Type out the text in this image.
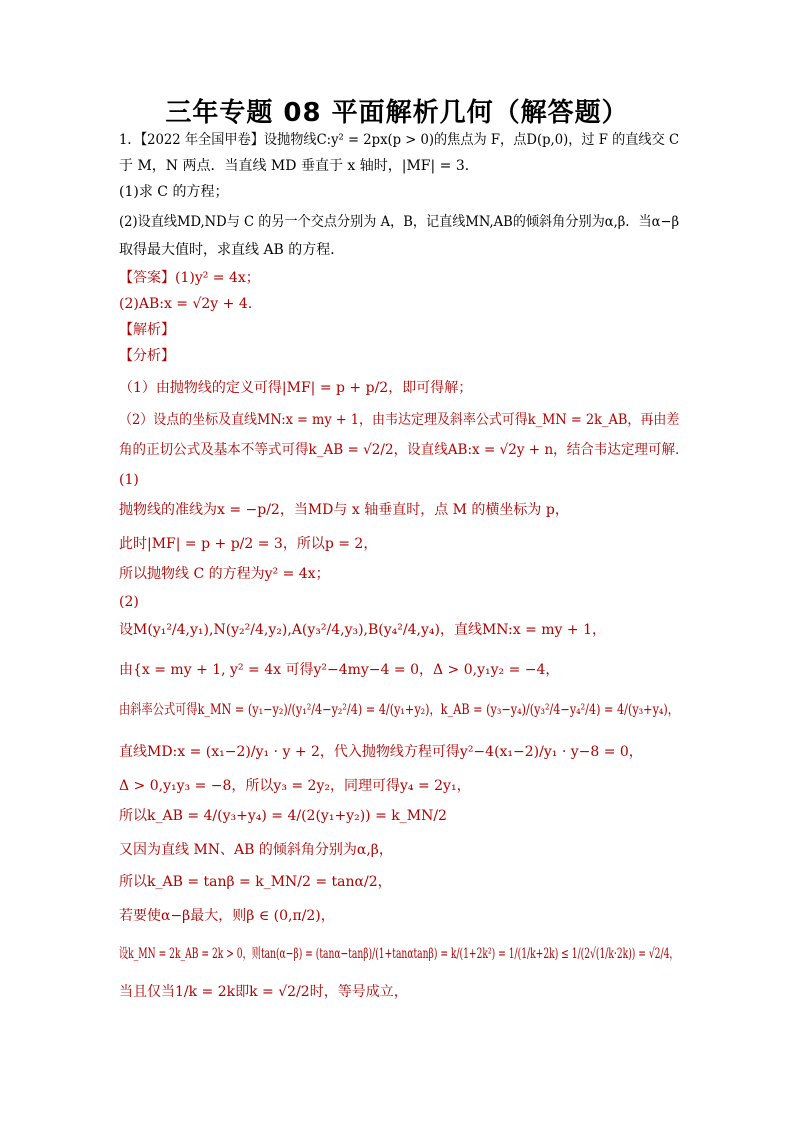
三年专题 08 平面解析几何（解答题）
1．【2022 年全国甲卷】设抛物线C:y² = 2px(p > 0)的焦点为 F，点D(p,0)，过 F 的直线交 C
于 M，N 两点．当直线 MD 垂直于 x 轴时，|MF| = 3．
(1)求 C 的方程；
(2)设直线MD,ND与 C 的另一个交点分别为 A，B，记直线MN,AB的倾斜角分别为α,β．当α−β
取得最大值时，求直线 AB 的方程．
【答案】(1)y² = 4x；
(2)AB:x = √2y + 4.
【解析】
【分析】
（1）由抛物线的定义可得|MF| = p + p/2，即可得解；
（2）设点的坐标及直线MN:x = my + 1，由韦达定理及斜率公式可得k_MN = 2k_AB，再由差
角的正切公式及基本不等式可得k_AB = √2/2，设直线AB:x = √2y + n，结合韦达定理可解.
(1)
抛物线的准线为x = −p/2，当MD与 x 轴垂直时，点 M 的横坐标为 p，
此时|MF| = p + p/2 = 3，所以p = 2，
所以抛物线 C 的方程为y² = 4x；
(2)
设M(y₁²/4,y₁),N(y₂²/4,y₂),A(y₃²/4,y₃),B(y₄²/4,y₄)，直线MN:x = my + 1，
由{x = my + 1, y² = 4x 可得y²−4my−4 = 0，Δ > 0,y₁y₂ = −4，
由斜率公式可得k_MN = (y₁−y₂)/(y₁²/4−y₂²/4) = 4/(y₁+y₂)，k_AB = (y₃−y₄)/(y₃²/4−y₄²/4) = 4/(y₃+y₄)，
直线MD:x = (x₁−2)/y₁ · y + 2，代入抛物线方程可得y²−4(x₁−2)/y₁ · y−8 = 0，
Δ > 0,y₁y₃ = −8，所以y₃ = 2y₂，同理可得y₄ = 2y₁，
所以k_AB = 4/(y₃+y₄) = 4/(2(y₁+y₂)) = k_MN/2
又因为直线 MN、AB 的倾斜角分别为α,β，
所以k_AB = tanβ = k_MN/2 = tanα/2，
若要使α−β最大，则β ∈ (0,π/2)，
设k_MN = 2k_AB = 2k > 0，则tan(α−β) = (tanα−tanβ)/(1+tanαtanβ) = k/(1+2k²) = 1/(1/k+2k) ≤ 1/(2√(1/k·2k)) = √2/4，
当且仅当1/k = 2k即k = √2/2时，等号成立，
